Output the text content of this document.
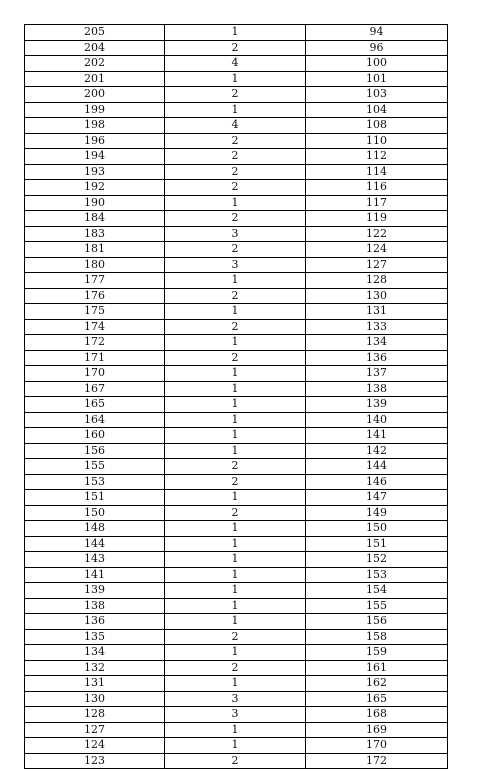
205	1	94
204	2	96
202	4	100
201	1	101
200	2	103
199	1	104
198	4	108
196	2	110
194	2	112
193	2	114
192	2	116
190	1	117
184	2	119
183	3	122
181	2	124
180	3	127
177	1	128
176	2	130
175	1	131
174	2	133
172	1	134
171	2	136
170	1	137
167	1	138
165	1	139
164	1	140
160	1	141
156	1	142
155	2	144
153	2	146
151	1	147
150	2	149
148	1	150
144	1	151
143	1	152
141	1	153
139	1	154
138	1	155
136	1	156
135	2	158
134	1	159
132	2	161
131	1	162
130	3	165
128	3	168
127	1	169
124	1	170
123	2	172
